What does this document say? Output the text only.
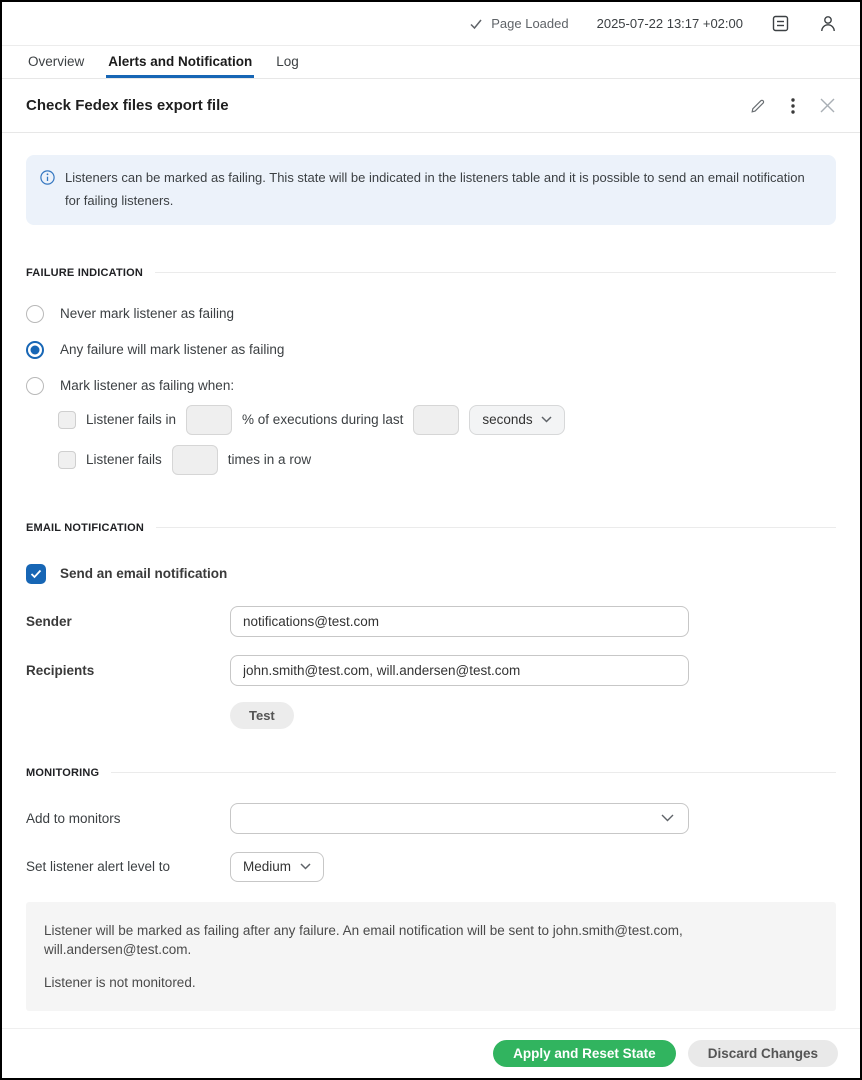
Page Loaded 2025-07-22 13:17 +02:00
Overview Alerts and Notification Log
Check Fedex files export file
Listeners can be marked as failing. This state will be indicated in the listeners table and it is possible to send an email notification for failing listeners.
FAILURE INDICATION
Never mark listener as failing
Any failure will mark listener as failing
Mark listener as failing when:
Listener fails in	% of executions during last	seconds
Listener fails	times in a row
EMAIL NOTIFICATION
Send an email notification
Sender
notifications@test.com
Recipients
john.smith@test.com, will.andersen@test.com
Test
MONITORING
Add to monitors
Set listener alert level to	Medium

Listener will be marked as failing after any failure. An email notification will be sent to john.smith@test.com, will.andersen@test.com.

Listener is not monitored.

Apply and Reset State	Discard Changes
